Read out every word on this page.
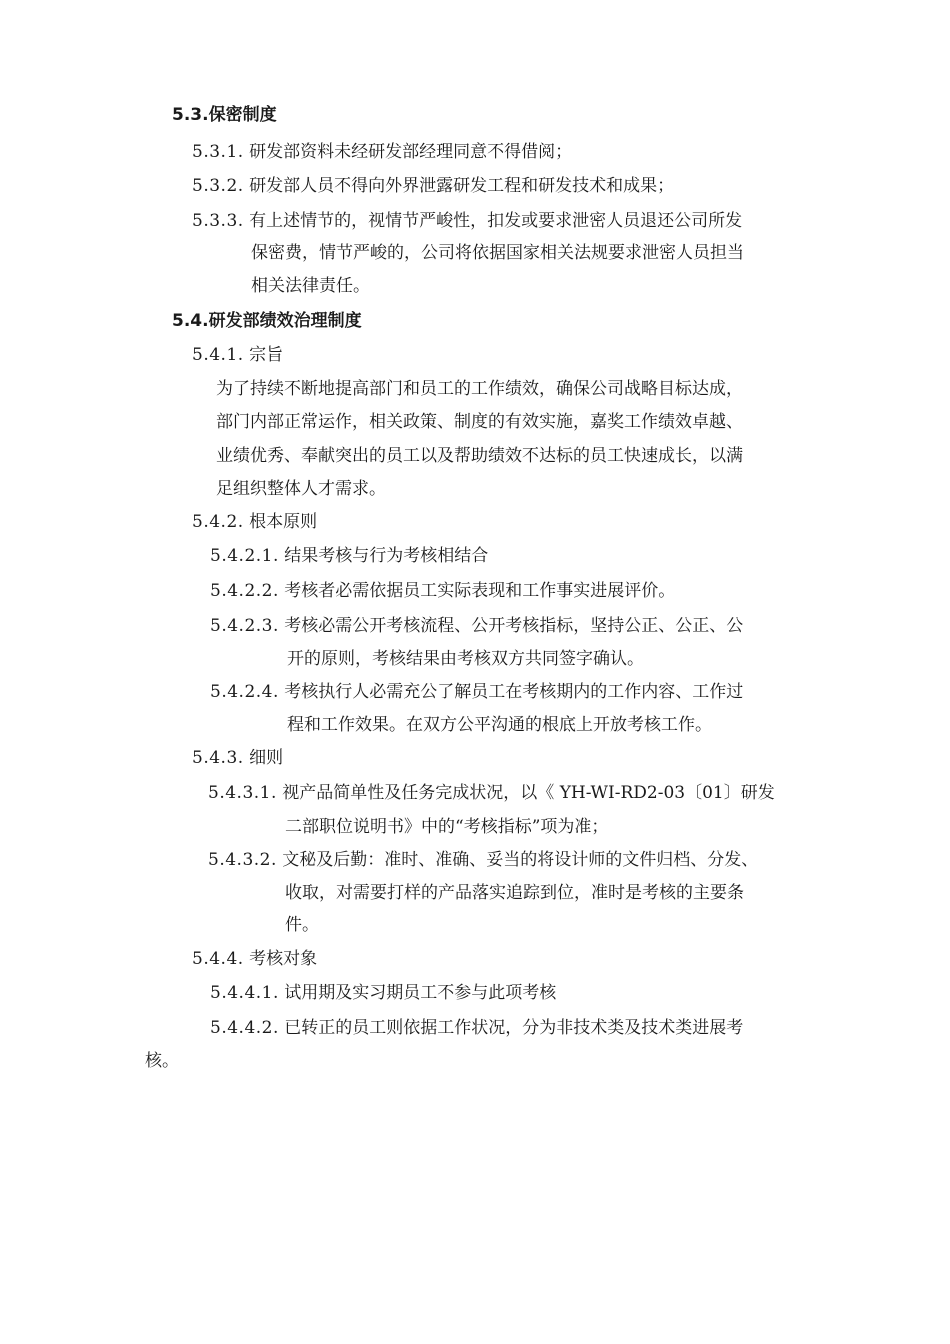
5.3.保密制度
5.3.1. 研发部资料未经研发部经理同意不得借阅；
5.3.2. 研发部人员不得向外界泄露研发工程和研发技术和成果；
5.3.3. 有上述情节的，视情节严峻性，扣发或要求泄密人员退还公司所发
保密费，情节严峻的，公司将依据国家相关法规要求泄密人员担当
相关法律责任。
5.4.研发部绩效治理制度
5.4.1. 宗旨
为了持续不断地提高部门和员工的工作绩效，确保公司战略目标达成，
部门内部正常运作，相关政策、制度的有效实施，嘉奖工作绩效卓越、
业绩优秀、奉献突出的员工以及帮助绩效不达标的员工快速成长，以满
足组织整体人才需求。
5.4.2. 根本原则
5.4.2.1. 结果考核与行为考核相结合
5.4.2.2. 考核者必需依据员工实际表现和工作事实进展评价。
5.4.2.3. 考核必需公开考核流程、公开考核指标，坚持公正、公正、公
开的原则，考核结果由考核双方共同签字确认。
5.4.2.4. 考核执行人必需充公了解员工在考核期内的工作内容、工作过
程和工作效果。在双方公平沟通的根底上开放考核工作。
5.4.3. 细则
5.4.3.1. 视产品简单性及任务完成状况，以《 YH-WI-RD2-03〔01〕研发
二部职位说明书》中的“考核指标”项为准；
5.4.3.2. 文秘及后勤：准时、准确、妥当的将设计师的文件归档、分发、
收取，对需要打样的产品落实追踪到位，准时是考核的主要条
件。
5.4.4. 考核对象
5.4.4.1. 试用期及实习期员工不参与此项考核
5.4.4.2. 已转正的员工则依据工作状况，分为非技术类及技术类进展考
核。
